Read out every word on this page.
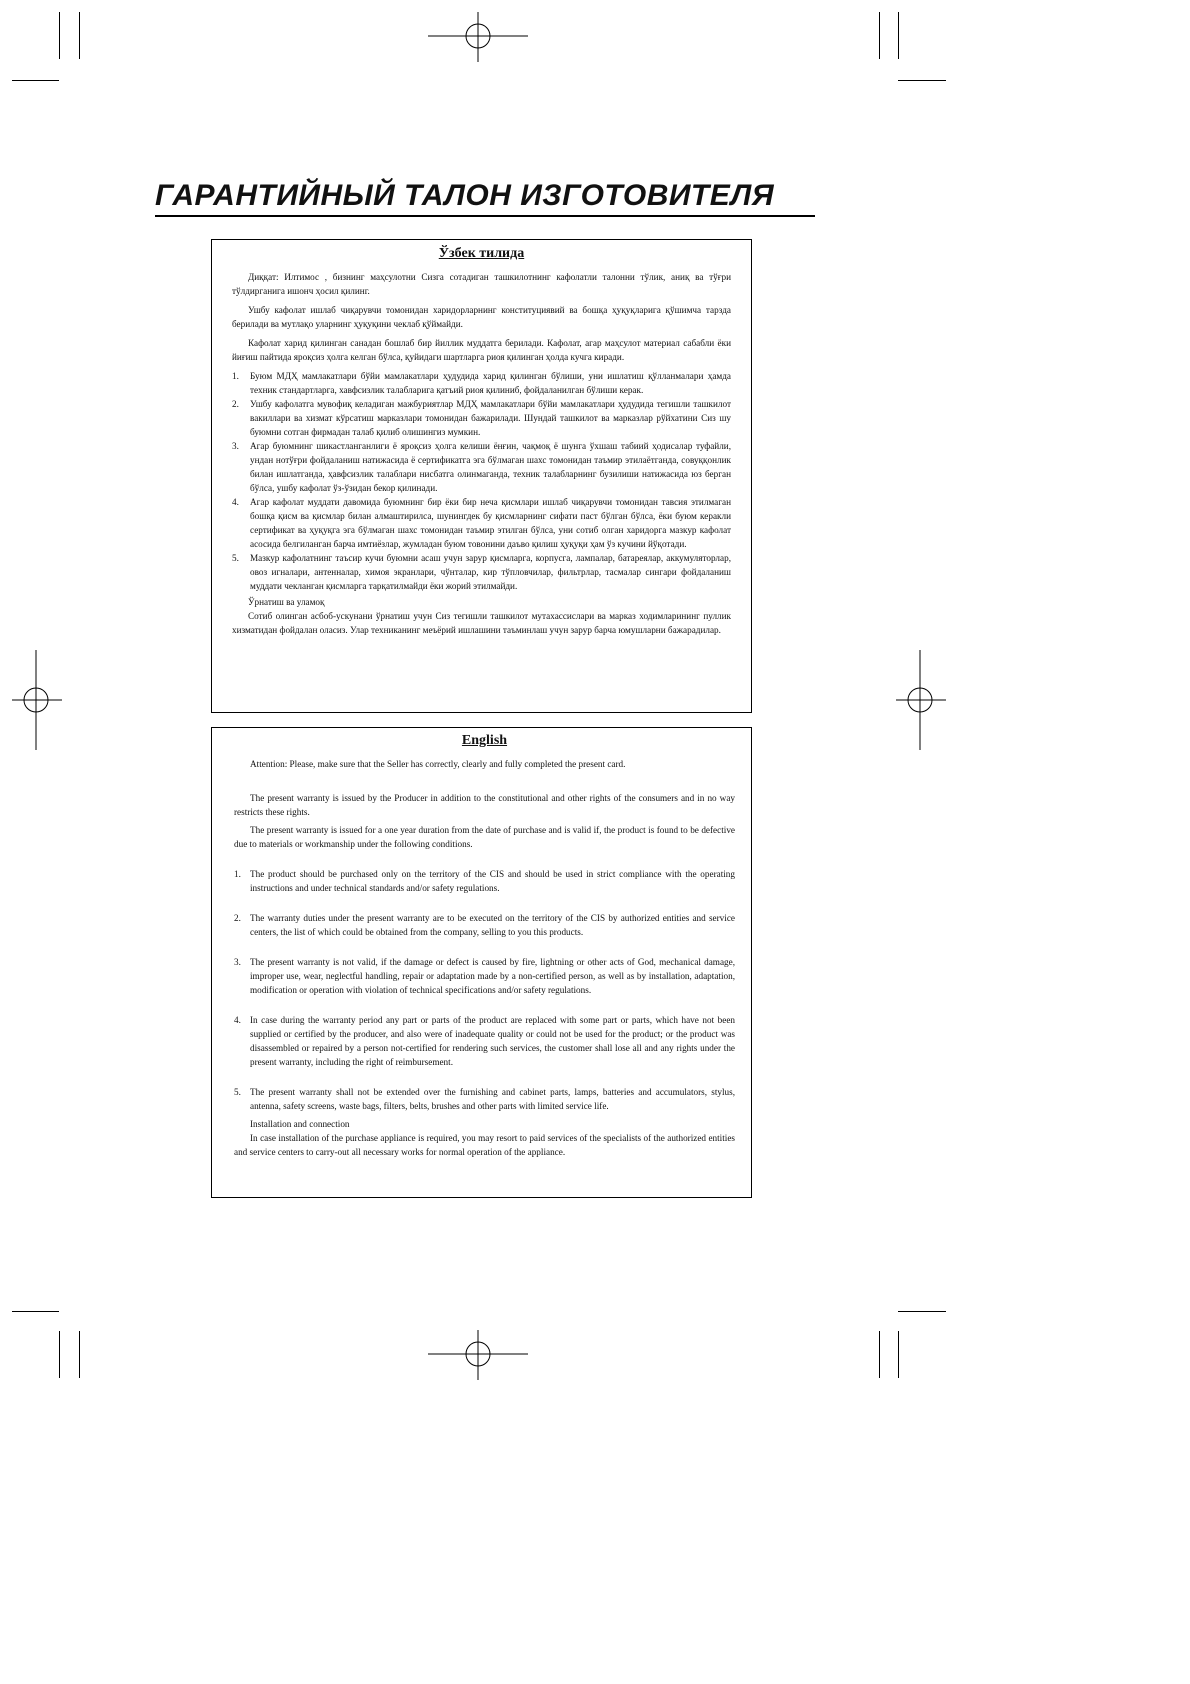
ГАРАНТИЙНЫЙ ТАЛОН ИЗГОТОВИТЕЛЯ
Ўзбек тилида

Диққат: Илтимос , бизнинг маҳсулотни Сизга сотадиган ташкилотнинг кафолатли талонни тўлик, аниқ ва тўғри тўлдирганига ишонч ҳосил қилинг.

Ушбу кафолат ишлаб чиқарувчи томонидан харидорларнинг конституциявий ва бошқа ҳуқуқларига қўшимча тарзда берилади ва мутлақо уларнинг ҳуқуқини чеклаб қўймайди.

Кафолат харид қилинган санадан бошлаб бир йиллик муддатга берилади. Кафолат, агар маҳсулот материал сабабли ёки йиғиш пайтида яроқсиз ҳолга келган бўлса, қуйидаги шартларга риоя қилинган ҳолда кучга киради.

1. Буюм МДҲ мамлакатлари бўйи мамлакатлари ҳудудида харид қилинган бўлиши, уни ишлатиш қўлланмалари ҳамда техник стандартларга, хавфсизлик талабларига қатъий риоя қилиниб, фойдаланилган бўлиши керак.
2. Ушбу кафолатга мувофиқ келадиган мажбуриятлар МДҲ мамлакатлари бўйи мамлакатлари ҳудудида тегишли ташкилот вакиллари ва хизмат кўрсатиш марказлари томонидан бажарилади. Шундай ташкилот ва марказлар рўйхатини Сиз шу буюмни сотган фирмадан талаб қилиб олишингиз мумкин.
3. Агар буюмнинг шикастланганлиги ё яроқсиз ҳолга келиши ёнғин, чақмоқ ё шунга ўхшаш табиий ҳодисалар туфайли, ундан нотўғри фойдаланиш натижасида ё сертификатга эга бўлмаган шахс томонидан таъмир этилаётганда, совуққонлик билан ишлатганда, ҳавфсизлик талаблари нисбатга олинмаганда, техник талабларнинг бузилиши натижасида юз берган бўлса, ушбу кафолат ўз-ўзидан бекор қилинади.
4. Агар кафолат муддати давомида буюмнинг бир ёки бир неча қисмлари ишлаб чиқарувчи томонидан тавсия этилмаган бошқа қисм ва қисмлар билан алмаштирилса, шунингдек бу қисмларнинг сифати паст бўлган бўлса, ёки буюм керакли сертификат ва ҳуқуқга эга бўлмаган шахс томонидан таъмир этилган бўлса, уни сотиб олган харидорга мазкур кафолат асосида белгиланган барча имтиёзлар, жумладан буюм товонини даъво қилиш ҳуқуқи ҳам ўз кучини йўқотади.
5. Мазкур кафолатнинг таъсир кучи буюмни асаш учун зарур қисмларга, корпусга, лампалар, батареялар, аккумуляторлар, овоз игналари, антенналар, химоя экранлари, чўнталар, кир тўпловчилар, фильтрлар, тасмалар сингари фойдаланиш муддати чекланган қисмларга тарқатилмайди ёки жорий этилмайди.

Ўрнатиш ва уламоқ

Сотиб олинган асбоб-ускунани ўрнатиш учун Сиз тегишли ташкилот мутахассислари ва марказ ходимларининг пуллик хизматидан фойдалан оласиз. Улар техниканинг меъёрий ишлашини таъминлаш учун зарур барча юмушларни бажарадилар.

English

Attention: Please, make sure that the Seller has correctly, clearly and fully completed the present card.

The present warranty is issued by the Producer in addition to the constitutional and other rights of the consumers and in no way restricts these rights.

The present warranty is issued for a one year duration from the date of purchase and is valid if, the product is found to be defective due to materials or workmanship under the following conditions.

1. The product should be purchased only on the territory of the CIS and should be used in strict compliance with the operating instructions and under technical standards and/or safety regulations.
2. The warranty duties under the present warranty are to be executed on the territory of the CIS by authorized entities and service centers, the list of which could be obtained from the company, selling to you this products.
3. The present warranty is not valid, if the damage or defect is caused by fire, lightning or other acts of God, mechanical damage, improper use, wear, neglectful handling, repair or adaptation made by a non-certified person, as well as by installation, adaptation, modification or operation with violation of technical specifications and/or safety regulations.
4. In case during the warranty period any part or parts of the product are replaced with some part or parts, which have not been supplied or certified by the producer, and also were of inadequate quality or could not be used for the product; or the product was disassembled or repaired by a person not-certified for rendering such services, the customer shall lose all and any rights under the present warranty, including the right of reimbursement.
5. The present warranty shall not be extended over the furnishing and cabinet parts, lamps, batteries and accumulators, stylus, antenna, safety screens, waste bags, filters, belts, brushes and other parts with limited service life.

Installation and connection

In case installation of the purchase appliance is required, you may resort to paid services of the specialists of the authorized entities and service centers to carry-out all necessary works for normal operation of the appliance.
